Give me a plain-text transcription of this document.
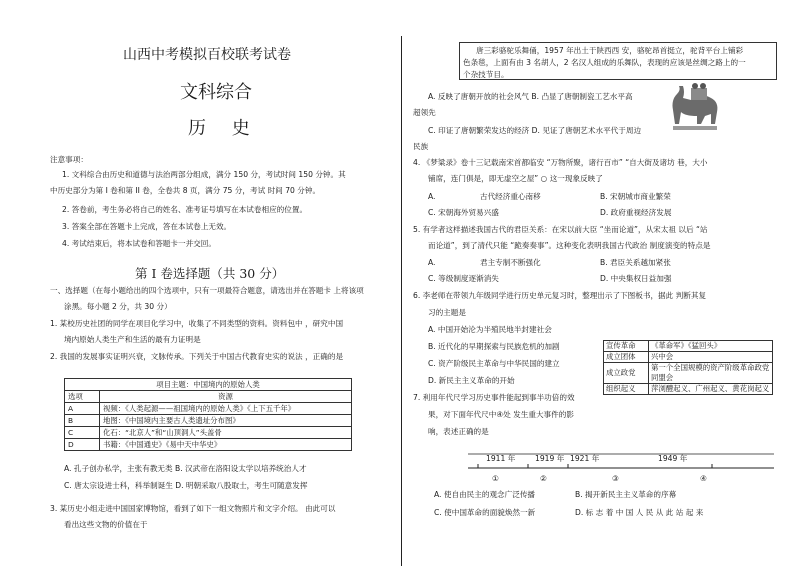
山西中考模拟百校联考试卷
文科综合
历 史
注意事项：
1. 文科综合由历史和道德与法治两部分组成，满分 150 分，考试时间 150 分钟。其
中历史部分为第 I 卷和第 II 卷，全卷共 8 页，满分 75 分，考试 时间 70 分钟。
2. 答卷前，考生务必将自己的姓名、准考证号填写在本试卷相应的位置。
3. 答案全部在答题卡上完成，答在本试卷上无效。
4. 考试结束后，将本试卷和答题卡一并交回。
第 I 卷选择题（共 30 分）
一、选择题（在每小题给出的四个选项中，只有一项最符合题意，请选出并在答题卡 上将该项
涂黑。每小题 2 分，共 30 分）
1. 某校历史社团的同学在项目化学习中，收集了不同类型的资料。资料包中 ，研究中国
境内原始人类生产和生活的最有力证明是
2. 我国的发展事实证明兴衰，文脉传承。下列关于中国古代教育史实的说法 ，正确的是
项目主题：中国境内的原始人类	
选项	资源
A	视频：《人类起源——祖国境内的原始人类》《上下五千年》
B	地图：《中国境内主要古人类遗址分布图》
C	化石：“北京人”和“山顶洞人”头盖骨
D	书籍：《中国通史》《易中天中华史》
A. 孔子创办私学，主张有教无类 B. 汉武帝在洛阳设太学以培养统治人才
C. 唐太宗设进士科，科举制诞生 D. 明朝采取八股取士，考生可随意发挥
3. 某历史小组走进中国国家博物馆，看到了如下一组文物照片和文字介绍。 由此可以
看出这些文物的价值在于
唐三彩骆驼乐舞俑，1957 年出土于陕西西 安，骆驼昂首挺立，驼背平台上铺彩
色条毯，上面有由 3 名胡人，2 名汉人组成的乐舞队，表现的应该是丝绸之路上的一
个杂技节目。
A. 反映了唐朝开放的社会风气 B. 凸显了唐朝制瓷工艺水平高
超领先
C. 印证了唐朝繁荣发达的经济 D. 见证了唐朝艺术水平代于周边
民族
4. 《梦粱录》卷十三记载南宋首都临安 “万物所聚，诸行百市” “自大街及诸坊 巷，大小
铺席，连门俱是，即无虚空之屋” ○ 这一现象反映了
A.	古代经济重心南移	B. 宋朝城市商业繁荣
C. 宋朝海外贸易兴盛	D. 政府重视经济发展
5. 有学者这样描述我国古代的君臣关系：在宋以前大臣 “坐而论道”，从宋太祖 以后 “站
而论道”，到了清代只能 “跪奏奏事”。这种变化表明我国古代政治 制度演变的特点是
A.	君主专制不断强化	B. 君臣关系越加紧张
C. 等级制度逐渐消失	D. 中央集权日益加强
6. 李老师在带领九年级同学进行历史单元复习时，整理出示了下图板书，据此 判断其复
习的主题是
A. 中国开始沦为半殖民地半封建社会
B. 近代化的早期探索与民族危机的加剧
C. 资产阶级民主革命与中华民国的建立
D. 新民主主义革命的开始
宣传革命	《革命军》《猛回头》
成立团体	兴中会
成立政党	第一个全国规模的资产阶级革命政党同盟会
组织起义	萍浏醴起义、广州起义、黄花岗起义
7. 利用年代尺学习历史事件能起到事半功倍的效
果，对下面年代尺中④处 发生重大事件的影
响，表述正确的是
1911 年	1919 年 1921 年	1949 年
①	②	③	④
A. 使自由民主的观念广泛传播	B. 揭开新民主主义革命的序幕
C. 使中国革命的面貌焕然一新	D. 标 志 着 中 国 人 民 从 此 站 起 来
